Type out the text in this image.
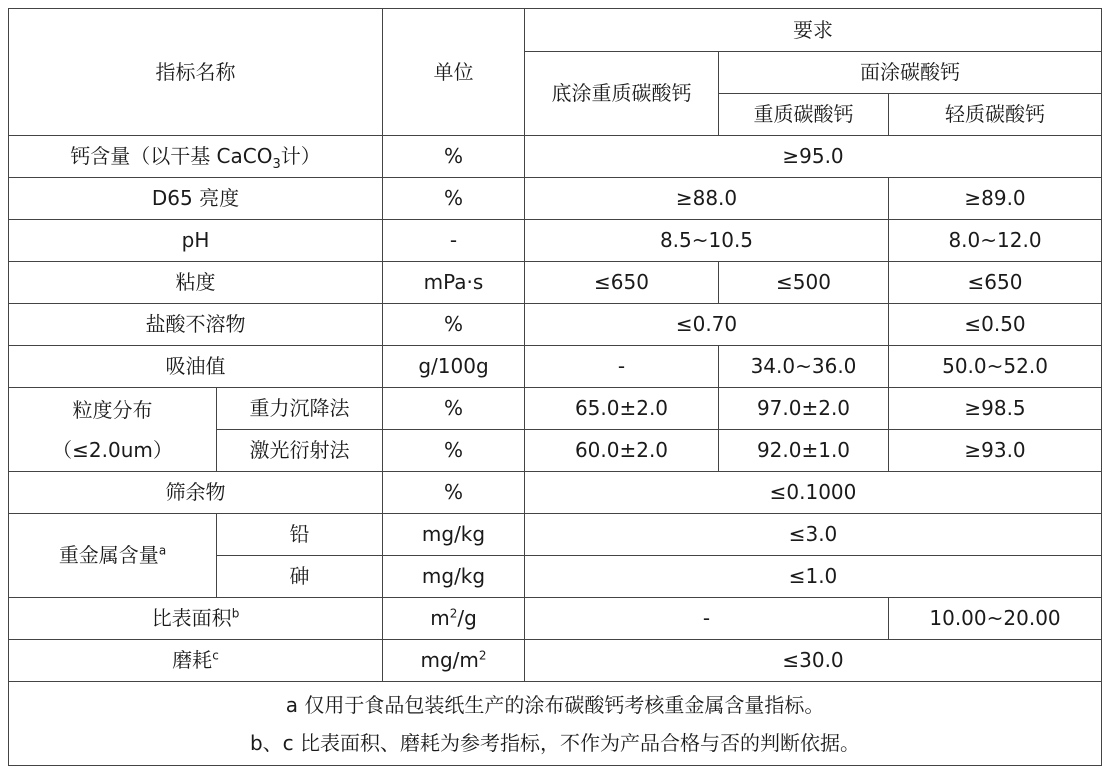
指标名称		单位	要求		
			底涂重质碳酸钙	面涂碳酸钙	
				重质碳酸钙	轻质碳酸钙
钙含量（以干基 CaCO$_3$计）		%	≥95.0		
D65 亮度		%	≥88.0		≥89.0
pH		-	8.5~10.5		8.0~12.0
粘度		mPa·s	≤650	≤500	≤650
盐酸不溶物		%	≤0.70		≤0.50
吸油值		g/100g	-	34.0~36.0	50.0~52.0

粒度分布
（≤2.0um）	重力沉降法	%	65.0±2.0	97.0±2.0	≥98.5
	激光衍射法	%	60.0±2.0	92.0±1.0	≥93.0
筛余物		%	≤0.1000		
重金属含量$^a$	铅	mg/kg	≤3.0		
	砷	mg/kg	≤1.0		
比表面积$^b$		$m^2/g$	-		10.00~20.00
磨耗$^c$		$mg/m^2$	≤30.0		

a 仅用于食品包装纸生产的涂布碳酸钙考核重金属含量指标。
b、c 比表面积、磨耗为参考指标，不作为产品合格与否的判断依据。					
